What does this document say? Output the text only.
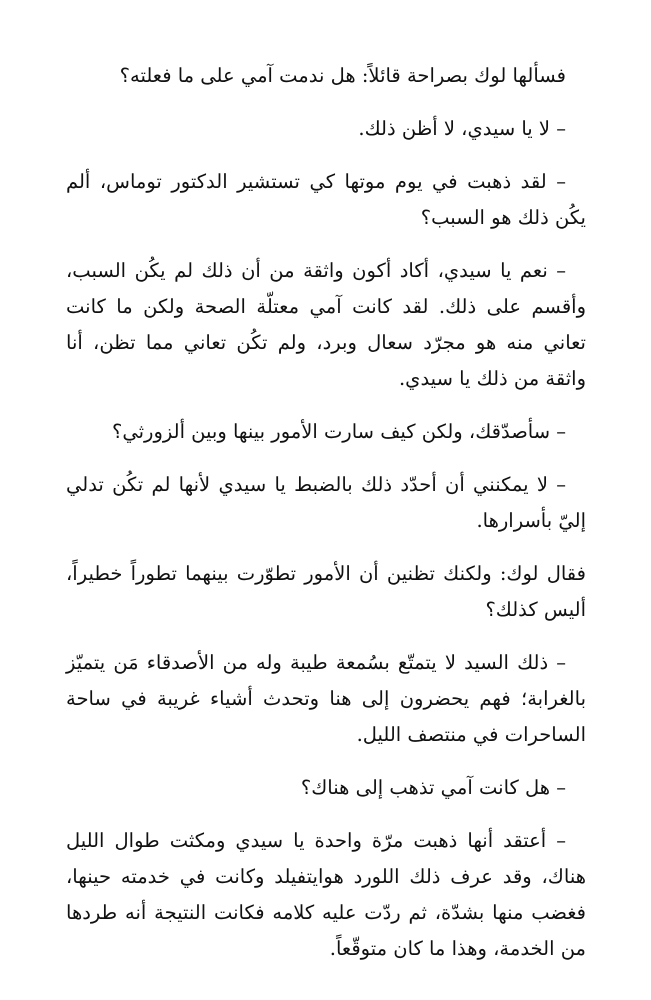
فسألها لوك بصراحة قائلاً: هل ندمت آمي على ما فعلته؟

– لا يا سيدي، لا أظن ذلك.

– لقد ذهبت في يوم موتها كي تستشير الدكتور توماس، ألم يكُن ذلك هو السبب؟

– نعم يا سيدي، أكاد أكون واثقة من أن ذلك لم يكُن السبب، وأقسم على ذلك. لقد كانت آمي معتلّة الصحة ولكن ما كانت تعاني منه هو مجرّد سعال وبرد، ولم تكُن تعاني مما تظن، أنا واثقة من ذلك يا سيدي.

– سأصدّقك، ولكن كيف سارت الأمور بينها وبين ألزورثي؟

– لا يمكنني أن أحدّد ذلك بالضبط يا سيدي لأنها لم تكُن تدلي إليّ بأسرارها.

فقال لوك: ولكنك تظنين أن الأمور تطوّرت بينهما تطوراً خطيراً، أليس كذلك؟

– ذلك السيد لا يتمتّع بسُمعة طيبة وله من الأصدقاء مَن يتميّز بالغرابة؛ فهم يحضرون إلى هنا وتحدث أشياء غريبة في ساحة الساحرات في منتصف الليل.

– هل كانت آمي تذهب إلى هناك؟

– أعتقد أنها ذهبت مرّة واحدة يا سيدي ومكثت طوال الليل هناك، وقد عرف ذلك اللورد هوايتفيلد وكانت في خدمته حينها، فغضب منها بشدّة، ثم ردّت عليه كلامه فكانت النتيجة أنه طردها من الخدمة، وهذا ما كان متوقّعاً.
